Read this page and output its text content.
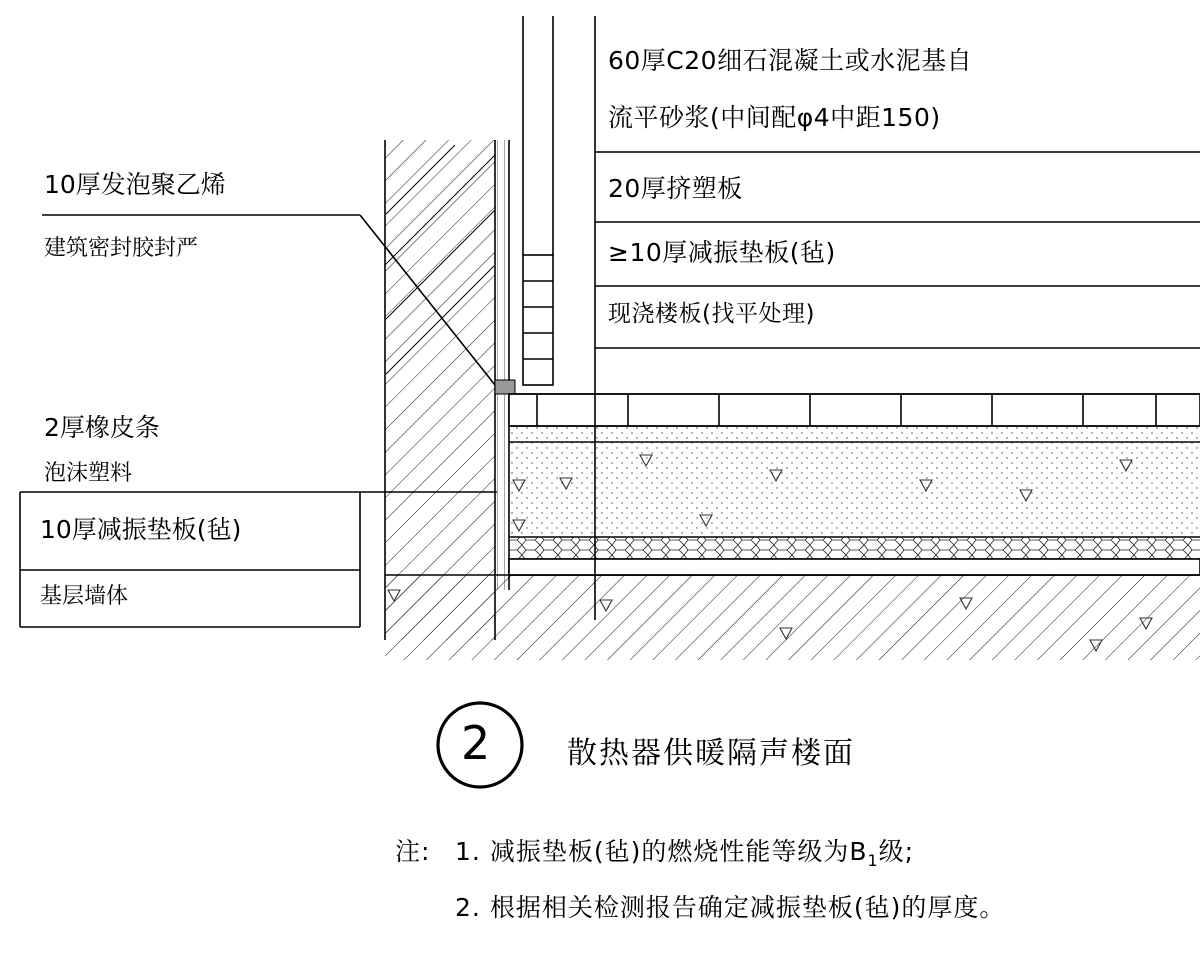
60厚C20细石混凝土或水泥基自
流平砂浆(中间配φ4中距150)
20厚挤塑板
≥10厚减振垫板(毡)
现浇楼板(找平处理)
10厚发泡聚乙烯
建筑密封胶封严
2厚橡皮条
泡沫塑料
10厚减振垫板(毡)
基层墙体
2	散热器供暖隔声楼面
注: 1. 减振垫板(毡)的燃烧性能等级为$B_1$级;
2. 根据相关检测报告确定减振垫板(毡)的厚度。
